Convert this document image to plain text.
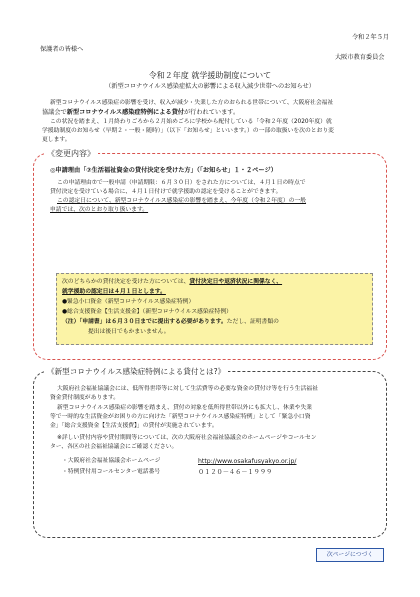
令和２年５月
保護者の皆様へ
大阪市教育委員会
令和２年度 就学援助制度について
（新型コロナウイルス感染症拡大の影響による収入減少世帯へのお知らせ）
新型コロナウイルス感染症の影響を受け、収入が減少・失業した方のおられる世帯について、大阪府社会福祉
協議会で新型コロナウイルス感染症特例による貸付が行われています。
この状況を踏まえ、１月終わりごろから２月始めごろに学校から配付している「令和２年度（2020年度）就
学援助制度のお知らせ（早期２・一般・随時）」（以下「お知らせ」といいます。）の一部の取扱いを次のとおり変
更します。
《変更内容》
◎申請理由「⑦生活福祉資金の貸付決定を受けた方」（「お知らせ」１・２ページ）
この申請理由⑦で一般申請（申請期限：６月３０日）をされた方については、４月１日の時点で
貸付決定を受けている場合に、４月１日付けで就学援助の認定を受けることができます。
この認定日について、新型コロナウイルス感染症の影響を踏まえ、今年度（令和２年度）の一般
申請では、次のとおり取り扱います。
次のどちらかの貸付決定を受けた方については、貸付決定日や返済状況に関係なく、
就学援助の認定日は４月１日とします。
●緊急小口資金（新型コロナウイルス感染症特例）
●総合支援資金【生活支援金】（新型コロナウイルス感染症特例）
（注）「申請書」は６月３０日までに提出する必要があります。ただし、証明書類の
提出は後日でもかまいません。
《新型コロナウイルス感染症特例による貸付とは?》
大阪府社会福祉協議会には、低所得世帯等に対して生活費等の必要な資金の貸付け等を行う生活福祉
資金貸付制度があります。
新型コロナウイルス感染症の影響を踏まえ、貸付の対象を低所得世帯以外にも拡大し、休業や失業
等で一時的な生活資金がお困りの方に向けた「新型コロナウイルス感染症特例」として「緊急小口資
金」「総合支援資金【生活支援費】」の貸付が実施されています。
※詳しい貸付内容や貸付期間等については、次の大阪府社会福祉協議会のホームページやコールセン
ター、各区の社会福祉協議会にご確認ください。
・大阪府社会福祉協議会ホームページ	http://www.osakafusyakyo.or.jp/
・特例貸付用コールセンター電話番号	０１２０－４６－１９９９
次ページにつづく
